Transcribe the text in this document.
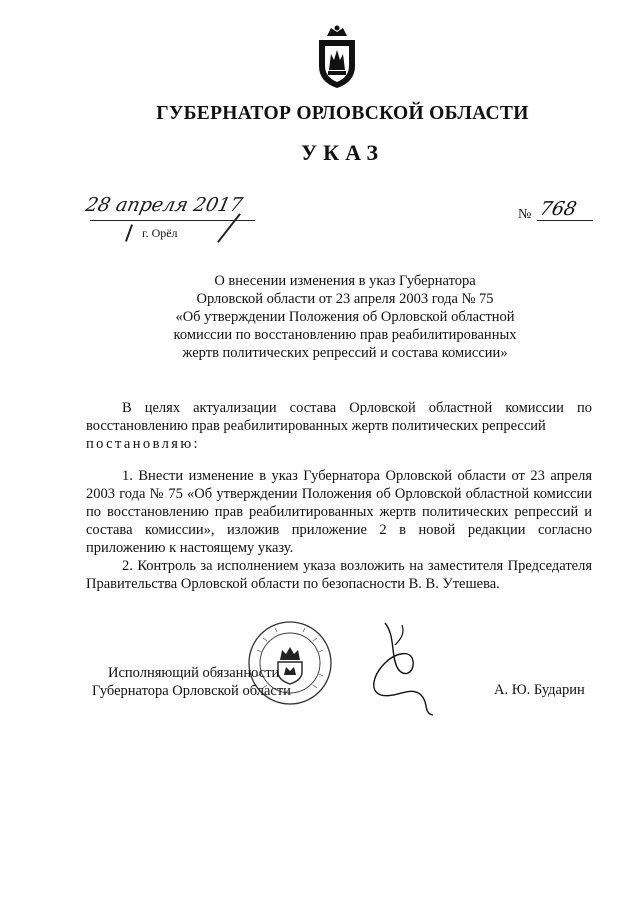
ГУБЕРНАТОР ОРЛОВСКОЙ ОБЛАСТИ
УКАЗ
28 апреля 2017
г. Орёл
№ 768
О внесении изменения в указ Губернатора
Орловской области от 23 апреля 2003 года № 75
«Об утверждении Положения об Орловской областной
комиссии по восстановлению прав реабилитированных
жертв политических репрессий и состава комиссии»

В целях актуализации состава Орловской областной комиссии по восстановлению прав реабилитированных жертв политических репрессий

постановляю:

1. Внести изменение в указ Губернатора Орловской области от 23 апреля 2003 года № 75 «Об утверждении Положения об Орловской областной комиссии по восстановлению прав реабилитированных жертв политических репрессий и состава комиссии», изложив приложение 2 в новой редакции согласно приложению к настоящему указу.

2. Контроль за исполнением указа возложить на заместителя Председателя Правительства Орловской области по безопасности В. В. Утешева.

Исполняющий обязанности
Губернатора Орловской области	А. Ю. Бударин
